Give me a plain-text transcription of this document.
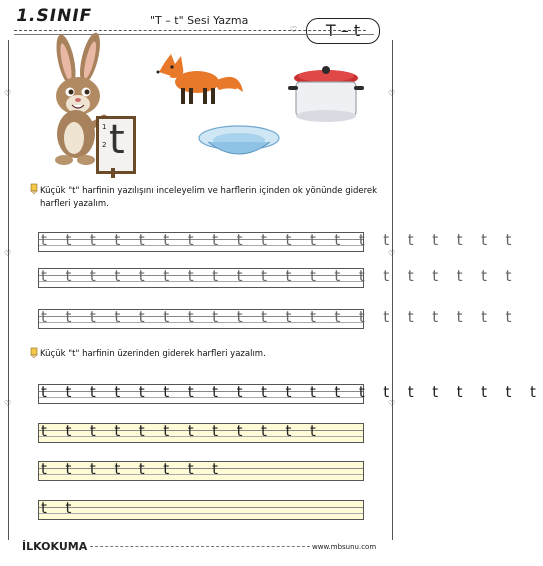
1.SINIF	"T – t" Sesi Yazma
T – t
♡
♡
♡
♡
♡
♡
♡
1
2 t
Küçük "t" harfinin yazılışını inceleyelim ve harflerin içinden ok yönünde giderek
harfleri yazalım.
t t t t t t t t t t t t t t t t t t t t
t t t t t t t t t t t t t t t t t t t t
t t t t t t t t t t t t t t t t t t t t
Küçük "t" harfinin üzerinden giderek harfleri yazalım.
t t t t t t t t t t t t t t t t t t t t t
t t t t t t t t t t t t
t t t t t t t t
t t
İLKOKUMA	www.mbsunu.com
